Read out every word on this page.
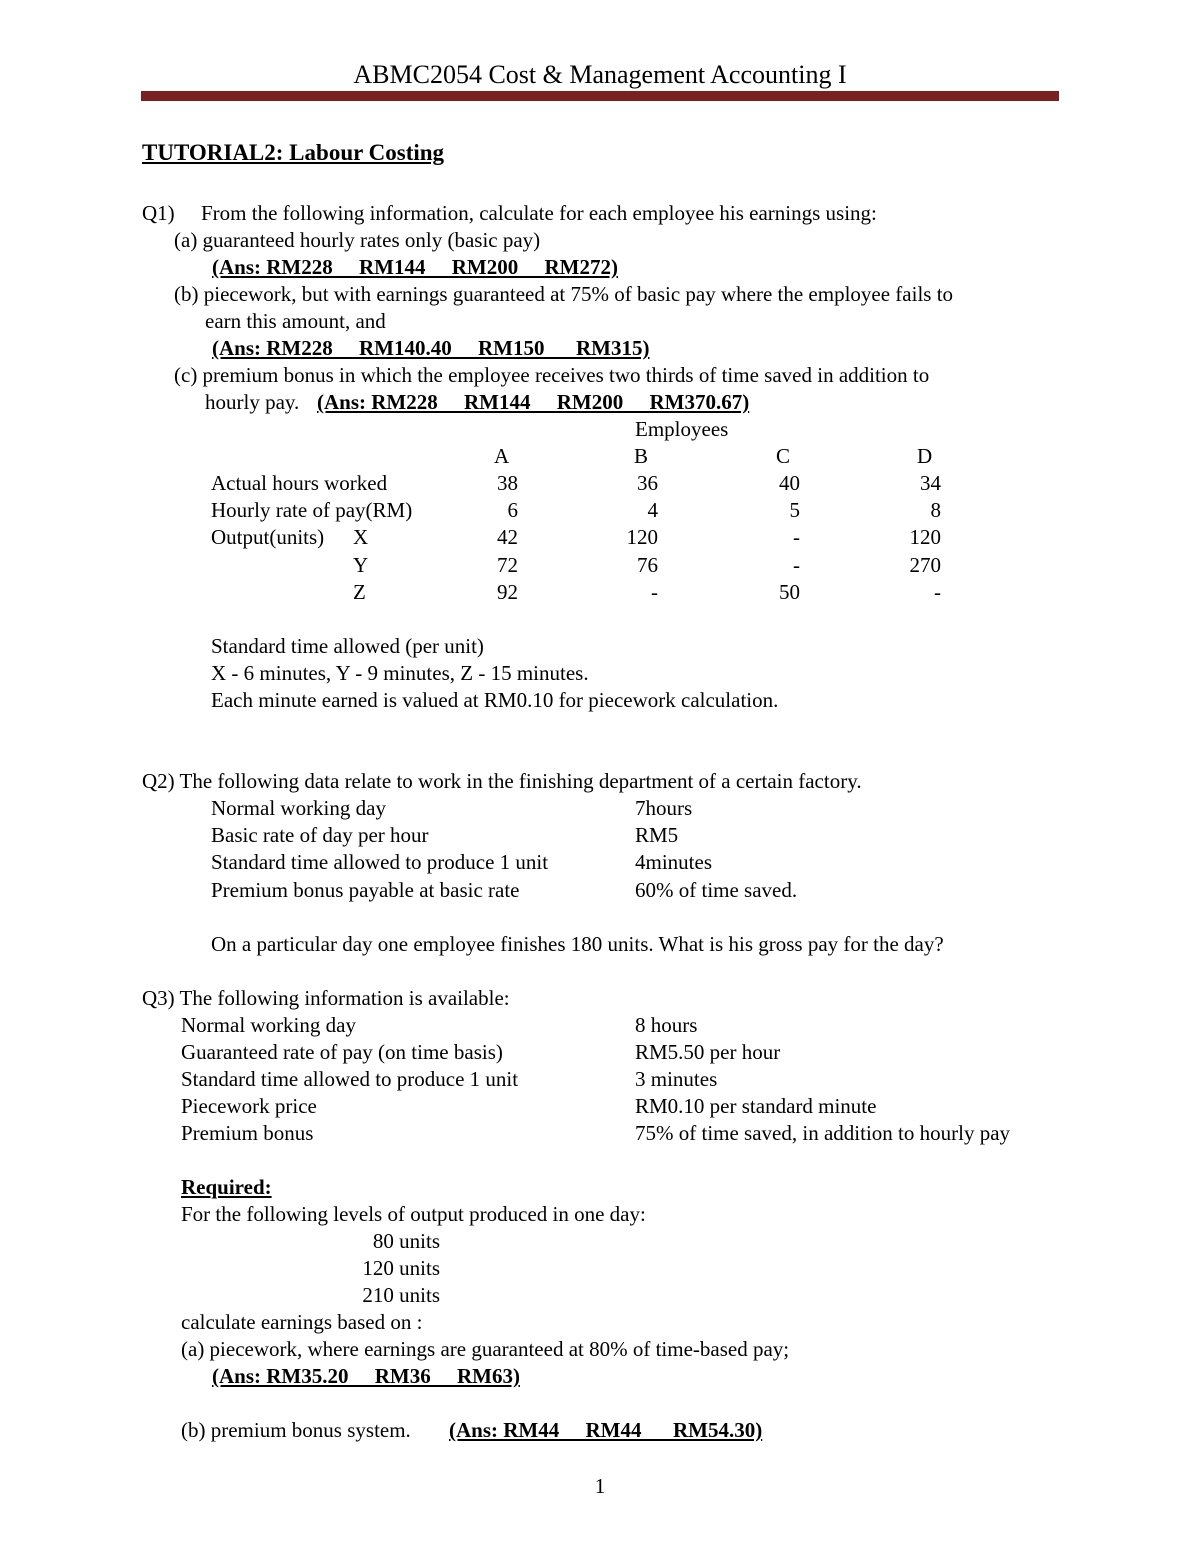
ABMC2054 Cost & Management Accounting I
TUTORIAL2: Labour Costing
Q1) From the following information, calculate for each employee his earnings using:
(a) guaranteed hourly rates only (basic pay)
(Ans: RM228     RM144     RM200     RM272)
(b) piecework, but with earnings guaranteed at 75% of basic pay where the employee fails to
earn this amount, and
(Ans: RM228     RM140.40     RM150      RM315)
(c) premium bonus in which the employee receives two thirds of time saved in addition to
hourly pay. (Ans: RM228     RM144     RM200     RM370.67)
Employees
A	B	C	D
Actual hours worked	38	36	40	34
Hourly rate of pay(RM)	6	4	5	8
Output(units) X	42	120	-	120
Y	72	76	-	270
Z	92	-	50	-
Standard time allowed (per unit)
X - 6 minutes, Y - 9 minutes, Z - 15 minutes.
Each minute earned is valued at RM0.10 for piecework calculation.
Q2) The following data relate to work in the finishing department of a certain factory.
Normal working day	7hours
Basic rate of day per hour	RM5
Standard time allowed to produce 1 unit	4minutes
Premium bonus payable at basic rate	60% of time saved.
On a particular day one employee finishes 180 units. What is his gross pay for the day?
Q3) The following information is available:
Normal working day	8 hours
Guaranteed rate of pay (on time basis)	RM5.50 per hour
Standard time allowed to produce 1 unit	3 minutes
Piecework price	RM0.10 per standard minute
Premium bonus	75% of time saved, in addition to hourly pay
Required:
For the following levels of output produced in one day:
80 units
120 units
210 units
calculate earnings based on :
(a) piecework, where earnings are guaranteed at 80% of time-based pay;
(Ans: RM35.20     RM36     RM63)
(b) premium bonus system. (Ans: RM44     RM44      RM54.30)
1
